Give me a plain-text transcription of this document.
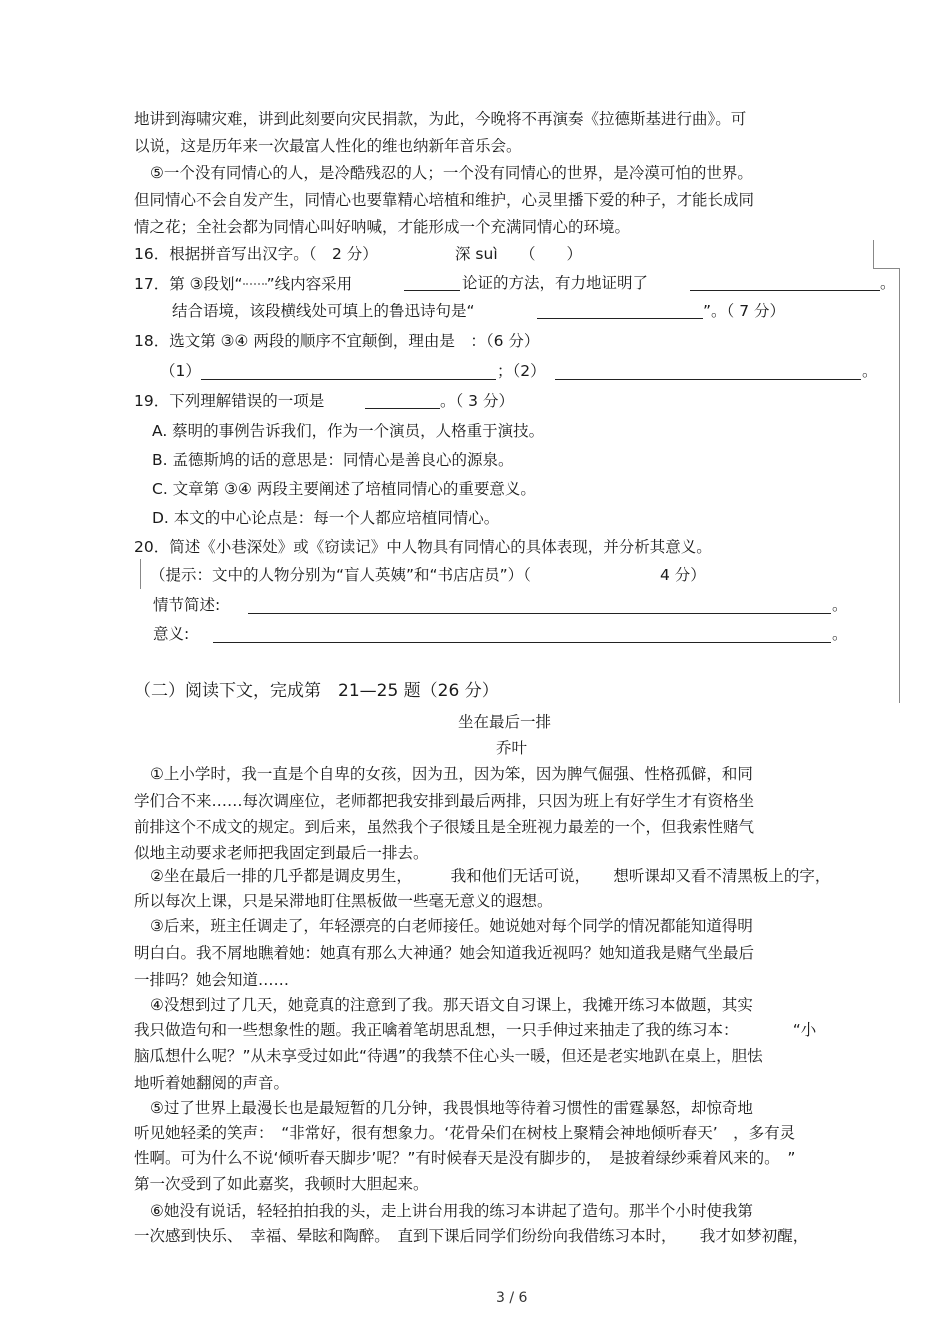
地讲到海啸灾难，讲到此刻要向灾民捐款，为此，今晚将不再演奏《拉德斯基进行曲》。可
以说，这是历年来一次最富人性化的维也纳新年音乐会。
⑤一个没有同情心的人，是冷酷残忍的人；一个没有同情心的世界，是冷漠可怕的世界。
但同情心不会自发产生，同情心也要靠精心培植和维护，心灵里播下爱的种子，才能长成同
情之花；全社会都为同情心叫好呐喊，才能形成一个充满同情心的环境。
16．根据拼音写出汉字。（　2 分）	深 suì （　　）
17．第 ③段划“ ”线内容采用	论证的方法，有力地证明了	。
结合语境，该段横线处可填上的鲁迅诗句是“	”。（ 7 分）
18．选文第 ③④ 两段的顺序不宜颠倒，理由是　：（6 分）
（1）	；（2）	。
19．下列理解错误的一项是	。（ 3 分）
A. 蔡明的事例告诉我们，作为一个演员，人格重于演技。
B. 孟德斯鸠的话的意思是：同情心是善良心的源泉。
C. 文章第 ③④ 两段主要阐述了培植同情心的重要意义。
D. 本文的中心论点是：每一个人都应培植同情心。
20．简述《小巷深处》或《窃读记》中人物具有同情心的具体表现，并分析其意义。
（提示：文中的人物分别为“盲人英姨”和“书店店员”）（	4 分）
情节简述:	。
意义:	。
（二）阅读下文，完成第　21—25 题（26 分）
坐在最后一排
乔叶
①上小学时，我一直是个自卑的女孩，因为丑，因为笨，因为脾气倔强、性格孤僻，和同
学们合不来……每次调座位，老师都把我安排到最后两排，只因为班上有好学生才有资格坐
前排这个不成文的规定。到后来，虽然我个子很矮且是全班视力最差的一个，但我索性赌气
似地主动要求老师把我固定到最后一排去。
②坐在最后一排的几乎都是调皮男生，　　　我和他们无话可说，　　想听课却又看不清黑板上的字，
所以每次上课，只是呆滞地盯住黑板做一些毫无意义的遐想。
③后来，班主任调走了，年轻漂亮的白老师接任。她说她对每个同学的情况都能知道得明
明白白。我不屑地瞧着她：她真有那么大神通？她会知道我近视吗？她知道我是赌气坐最后
一排吗？她会知道……
④没想到过了几天，她竟真的注意到了我。那天语文自习课上，我摊开练习本做题，其实
我只做造句和一些想象性的题。我正噙着笔胡思乱想，一只手伸过来抽走了我的练习本：　　　　“小
脑瓜想什么呢？”从未享受过如此“待遇”的我禁不住心头一暖，但还是老实地趴在桌上，胆怯
地听着她翻阅的声音。
⑤过了世界上最漫长也是最短暂的几分钟，我畏惧地等待着习惯性的雷霆暴怒，却惊奇地
听见她轻柔的笑声：　“非常好，很有想象力。‘花骨朵们在树枝上聚精会神地倾听春天’　，多有灵
性啊。可为什么不说‘倾听春天脚步’呢？”有时候春天是没有脚步的，　是披着绿纱乘着风来的。　”
第一次受到了如此嘉奖，我顿时大胆起来。
⑥她没有说话，轻轻拍拍我的头，走上讲台用我的练习本讲起了造句。那半个小时使我第
一次感到快乐、　幸福、晕眩和陶醉。　直到下课后同学们纷纷向我借练习本时，　　我才如梦初醒，
3 / 6
